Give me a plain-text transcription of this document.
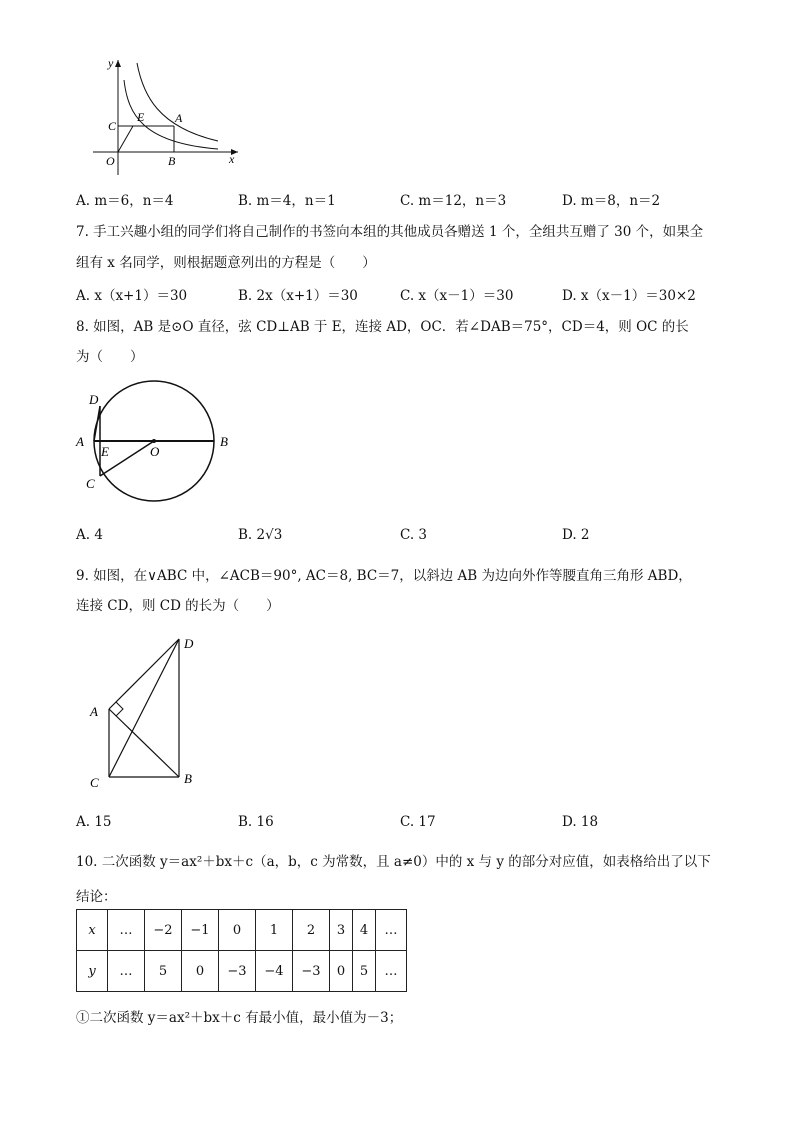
y
x
C
E	A
O	B
A. m＝6，n＝4	B. m＝4，n＝1	C. m＝12，n＝3	D. m＝8，n＝2
7. 手工兴趣小组的同学们将自己制作的书签向本组的其他成员各赠送 1 个，全组共互赠了 30 个，如果全
组有 x 名同学，则根据题意列出的方程是（　　）
A. x（x+1）＝30	B. 2x（x+1）＝30	C. x（x－1）＝30	D. x（x－1）＝30×2
8. 如图，AB 是⊙O 直径，弦 CD⊥AB 于 E，连接 AD，OC．若∠DAB＝75°，CD＝4，则 OC 的长
为（　　）
D
A
E	O
B
C
A. 4	B. 2√3	C. 3	D. 2
9. 如图，在∨ABC 中，∠ACB＝90°, AC＝8, BC＝7，以斜边 AB 为边向外作等腰直角三角形 ABD，
连接 CD，则 CD 的长为（　　）
D
A
C	B
A. 15	B. 16	C. 17	D. 18
10. 二次函数 y＝ax²＋bx＋c（a，b，c 为常数，且 a≠0）中的 x 与 y 的部分对应值，如表格给出了以下
结论：
x	…	−2	−1	0	1	2	3	4	…
y	…	5	0	−3	−4	−3	0	5	…
①二次函数 y＝ax²＋bx＋c 有最小值，最小值为－3；
